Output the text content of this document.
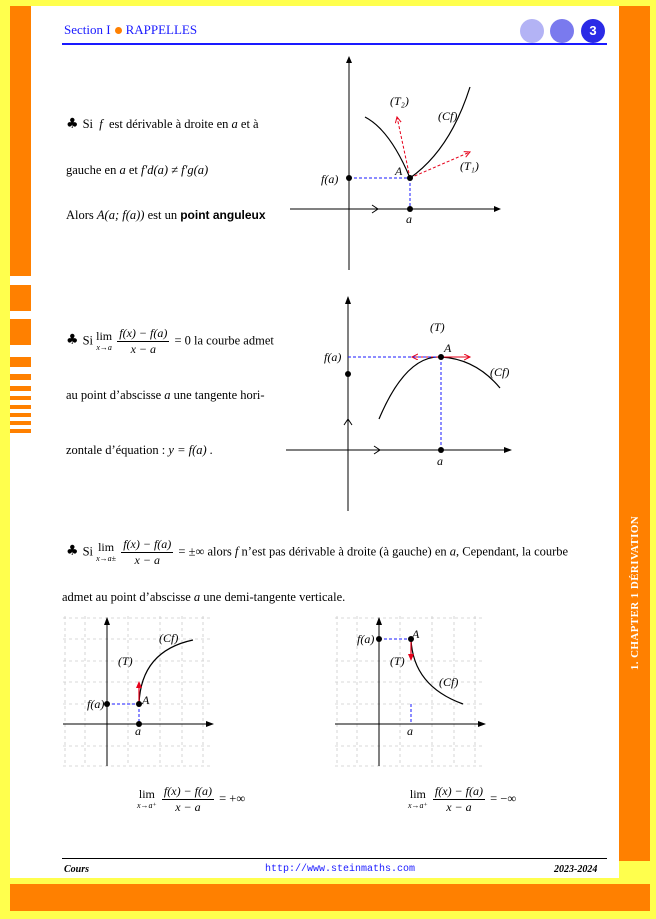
Section I RAPPELLES	3
♣ Si f est dérivable à droite en a et à
gauche en a et f′d(a) ≠ f′g(a)
Alors A(a; f(a)) est un point anguleux
(T₂)
(Cf)
(T₁)
f(a)
A
a
♣ Si lim
x→a
$\frac{f(x) - f(a)}{x - a} = 0$ la courbe admet
au point d’abscisse a une tangente hori-
zontale d’équation : y = f(a) .
(T)
A
(Cf)
f(a)
a
♣ Si lim
x→a±
$\frac{f(x) - f(a)}{x - a}$ = ±∞ alors f n’est pas dérivable à droite (à gauche) en a, Cependant, la courbe
admet au point d’abscisse a une demi-tangente verticale.
(Cf)
(T)
f(a)	A
a
f(a)	A
(T)
(Cf)
a
lim
x→a⁺
$\frac{f(x) - f(a)}{x - a}$ = +∞	lim
x→a⁺
$\frac{f(x) - f(a)}{x - a}$ = −∞
1. CHAPTER 1 DÉRIVATION
Cours	http://www.steinmaths.com	2023-2024
